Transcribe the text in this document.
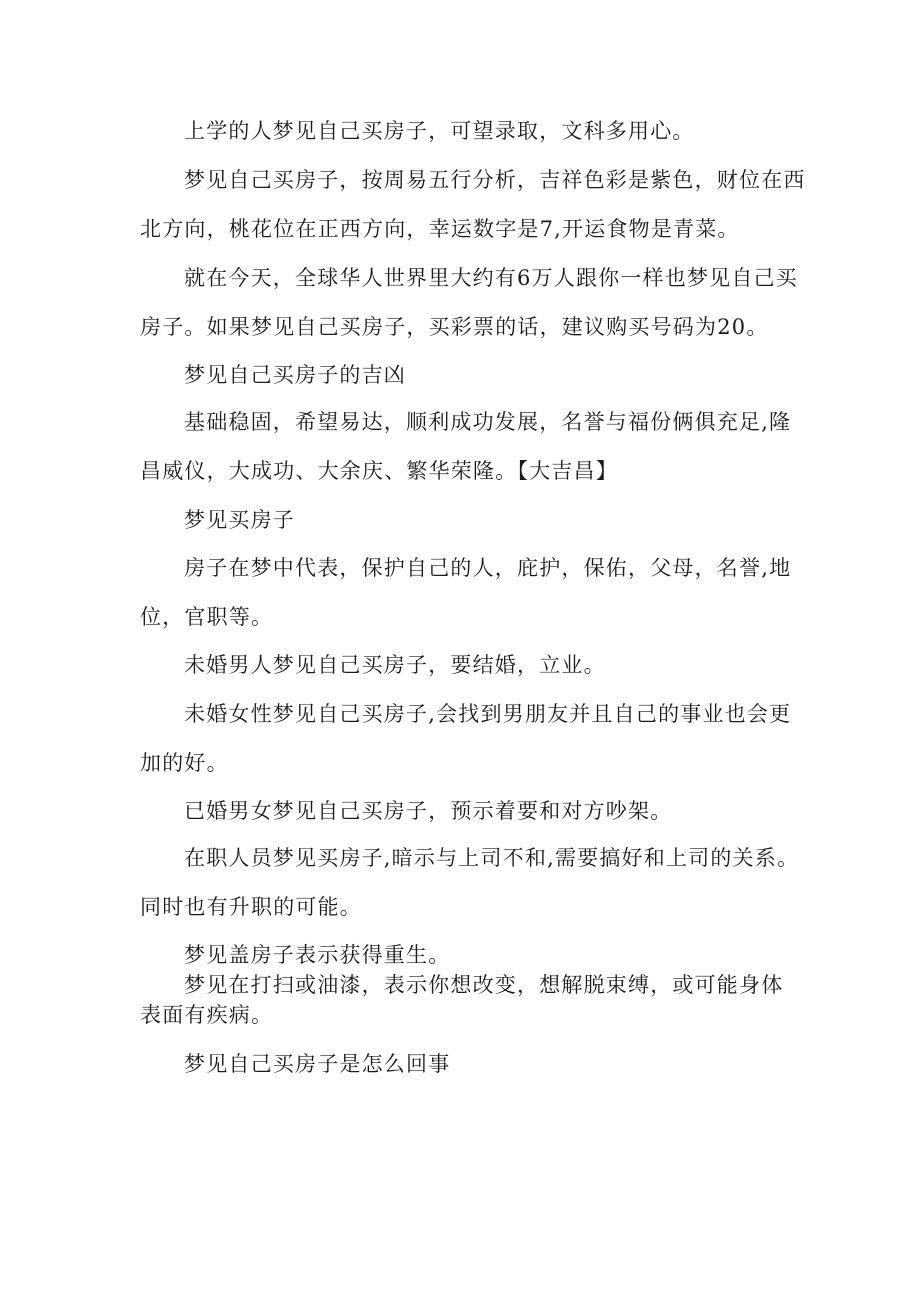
上学的人梦见自己买房子，可望录取，文科多用心。

梦见自己买房子，按周易五行分析，吉祥色彩是紫色，财位在西
北方向，桃花位在正西方向，幸运数字是7,开运食物是青菜。

就在今天，全球华人世界里大约有6万人跟你一样也梦见自己买
房子。如果梦见自己买房子，买彩票的话，建议购买号码为20。

梦见自己买房子的吉凶

基础稳固，希望易达，顺利成功发展，名誉与福份俩俱充足,隆
昌威仪，大成功、大余庆、繁华荣隆。【大吉昌】

梦见买房子

房子在梦中代表，保护自己的人，庇护，保佑，父母，名誉,地
位，官职等。

未婚男人梦见自己买房子，要结婚，立业。

未婚女性梦见自己买房子,会找到男朋友并且自己的事业也会更
加的好。

已婚男女梦见自己买房子，预示着要和对方吵架。

在职人员梦见买房子,暗示与上司不和,需要搞好和上司的关系。
同时也有升职的可能。

梦见盖房子表示获得重生。

梦见在打扫或油漆，表示你想改变，想解脱束缚，或可能身体
表面有疾病。

梦见自己买房子是怎么回事
